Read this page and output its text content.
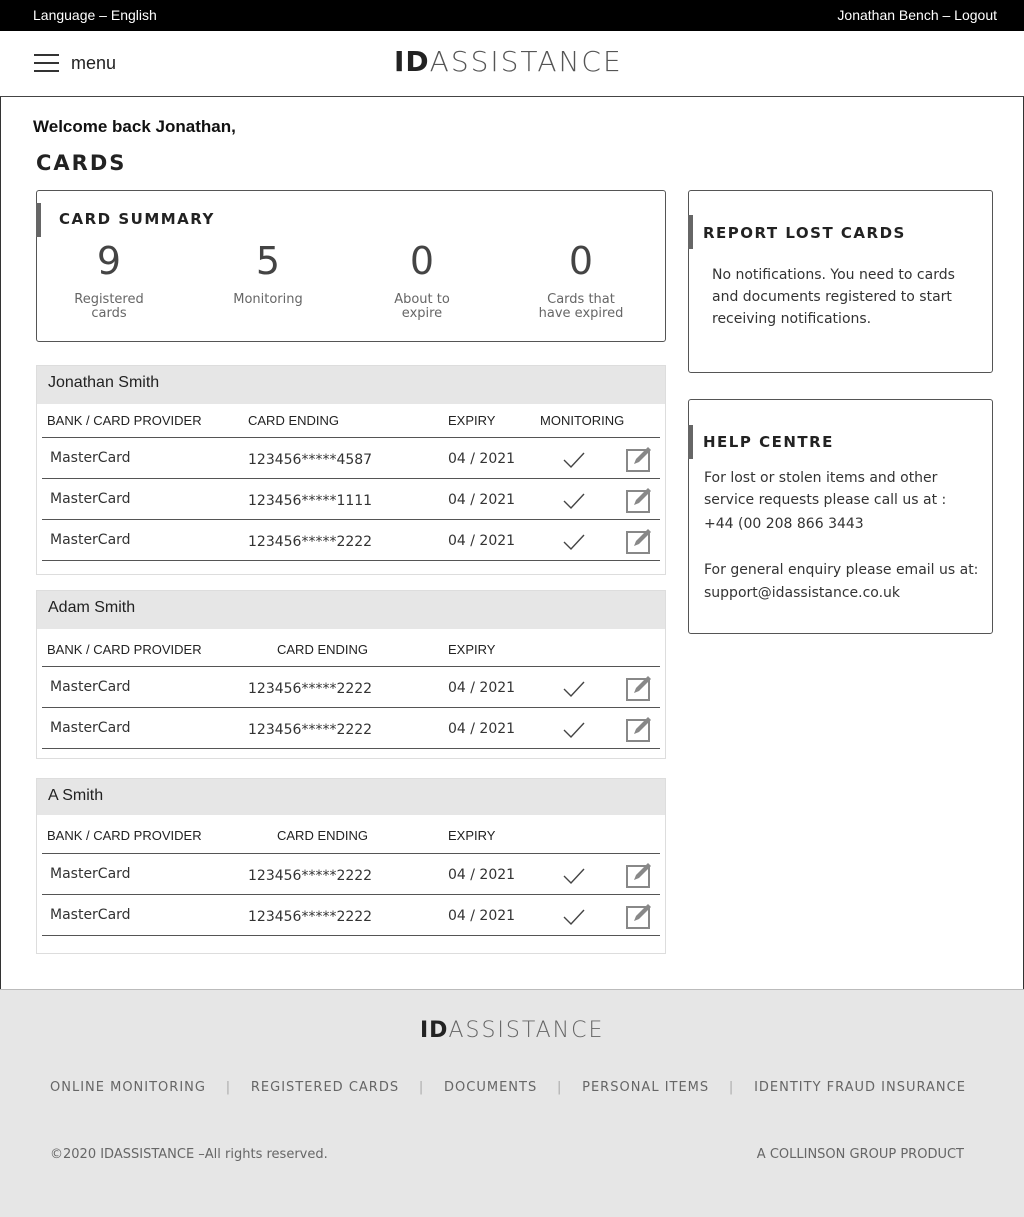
Language – English	Jonathan Bench – Logout
menu	IDASSISTANCE
Welcome back Jonathan,
CARDS
CARD SUMMARY
9
Registered
cards
5
Monitoring
0
About to
expire
0
Cards that
have expired
Jonathan Smith
BANK / CARD PROVIDER	CARD ENDING	EXPIRY	MONITORING
MasterCard	123456*****4587	04 / 2021
MasterCard	123456*****1111	04 / 2021
MasterCard	123456*****2222	04 / 2021
Adam Smith
BANK / CARD PROVIDER	CARD ENDING	EXPIRY
MasterCard	123456*****2222	04 / 2021
MasterCard	123456*****2222	04 / 2021
A Smith
BANK / CARD PROVIDER	CARD ENDING	EXPIRY
MasterCard	123456*****2222	04 / 2021
MasterCard	123456*****2222	04 / 2021
REPORT LOST CARDS

No notifications. You need to cards and documents registered to start receiving notifications.

HELP CENTRE

For lost or stolen items and other service requests please call us at :

+44 (00 208 866 3443

For general enquiry please email us at:

support@idassistance.co.uk

IDASSISTANCE
ONLINE MONITORING | REGISTERED CARDS | DOCUMENTS | PERSONAL ITEMS | IDENTITY FRAUD INSURANCE
©2020 IDASSISTANCE –All rights reserved.	A COLLINSON GROUP PRODUCT
